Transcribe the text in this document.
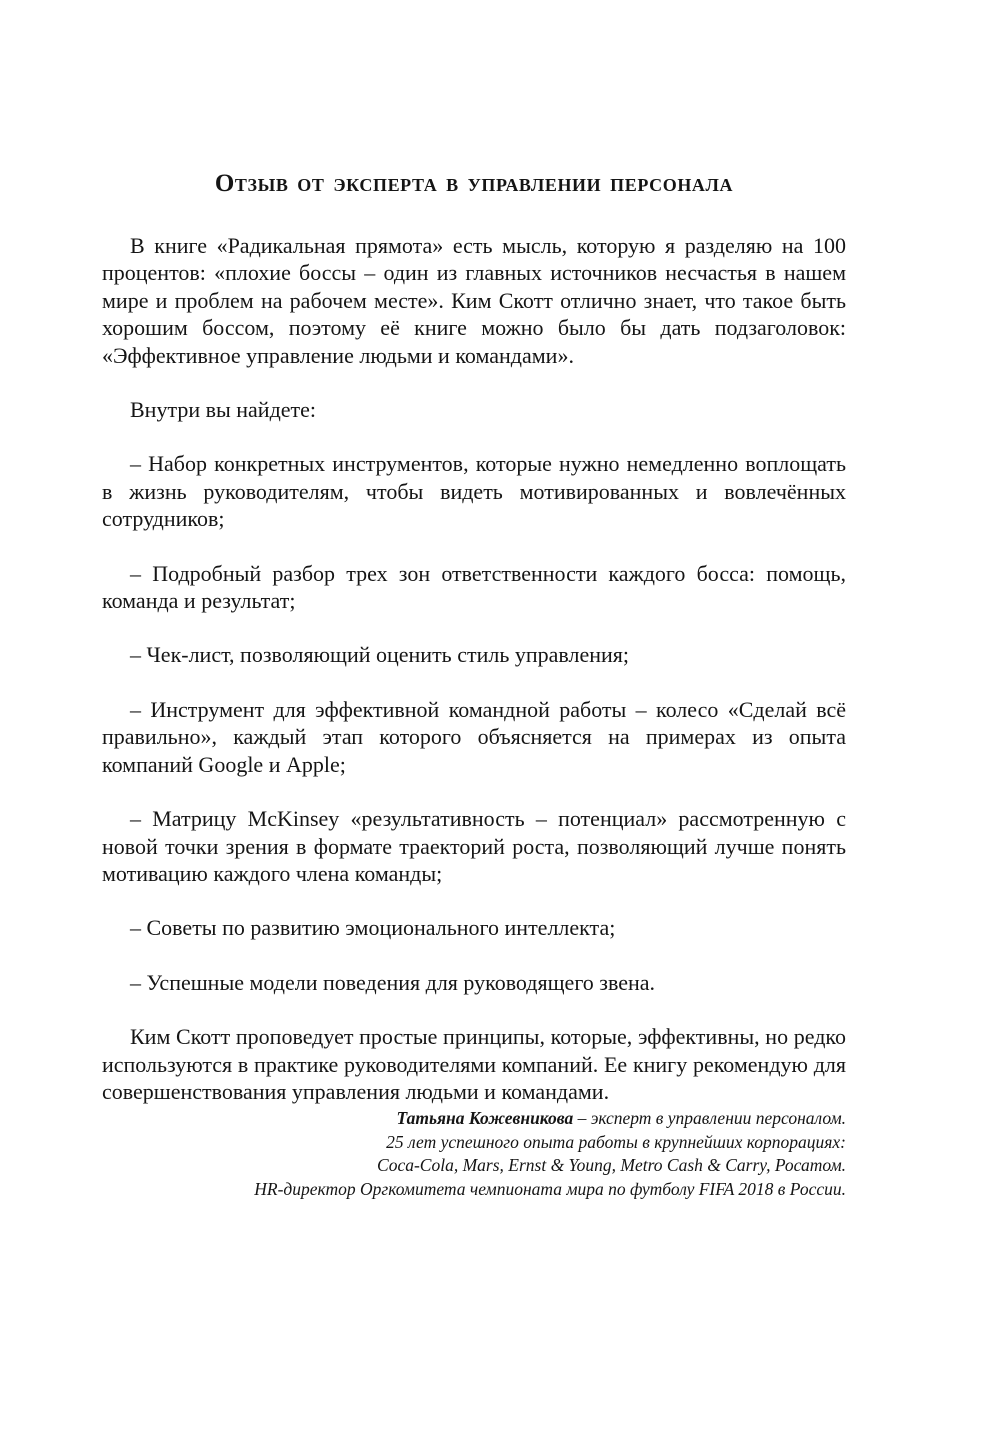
Отзыв от эксперта в управлении персонала

В книге «Радикальная прямота» есть мысль, которую я разделяю на 100 процентов: «плохие боссы – один из главных источников несчастья в нашем мире и проблем на рабочем месте». Ким Скотт отлично знает, что такое быть хорошим боссом, поэтому её книге можно было бы дать подзаголовок: «Эффективное управление людьми и командами».

Внутри вы найдете:

– Набор конкретных инструментов, которые нужно немедленно воплощать в жизнь руководителям, чтобы видеть мотивированных и вовлечённых сотрудников;

– Подробный разбор трех зон ответственности каждого босса: помощь, команда и результат;

– Чек-лист, позволяющий оценить стиль управления;

– Инструмент для эффективной командной работы – колесо «Сделай всё правильно», каждый этап которого объясняется на примерах из опыта компаний Google и Apple;

– Матрицу McKinsey «результативность – потенциал» рассмотренную с новой точки зрения в формате траекторий роста, позволяющий лучше понять мотивацию каждого члена команды;

– Советы по развитию эмоционального интеллекта;

– Успешные модели поведения для руководящего звена.

Ким Скотт проповедует простые принципы, которые, эффективны, но редко используются в практике руководителями компаний. Ее книгу рекомендую для совершенствования управления людьми и командами.

Татьяна Кожевникова – эксперт в управлении персоналом.
25 лет успешного опыта работы в крупнейших корпорациях:
Coca-Cola, Mars, Ernst & Young, Metro Cash & Carry, Росатом.
HR-директор Оргкомитета чемпионата мира по футболу FIFA 2018 в России.
